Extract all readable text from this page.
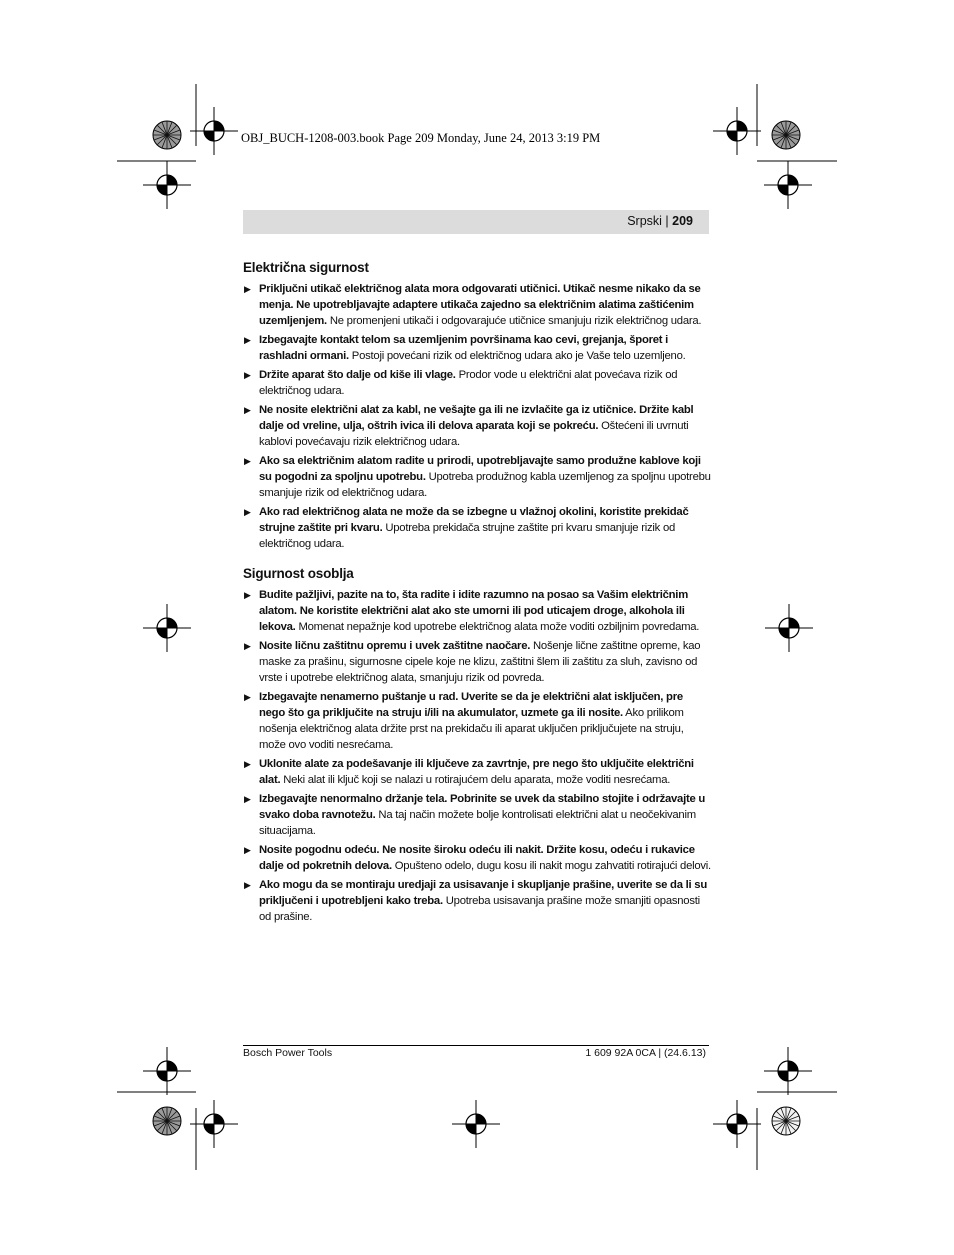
OBJ_BUCH-1208-003.book Page 209 Monday, June 24, 2013 3:19 PM
Srpski | 209
Električna sigurnost
▶ Priključni utikač električnog alata mora odgovarati utičnici. Utikač nesme nikako da se menja. Ne upotrebljavajte adaptere utikača zajedno sa električnim alatima zaštićenim uzemljenjem. Ne promenjeni utikači i odgovarajuće utičnice smanjuju rizik električnog udara.
▶ Izbegavajte kontakt telom sa uzemljenim površinama kao cevi, grejanja, šporet i rashladni ormani. Postoji povećani rizik od električnog udara ako je Vaše telo uzemljeno.
▶ Držite aparat što dalje od kiše ili vlage. Prodor vode u električni alat povećava rizik od električnog udara.
▶ Ne nosite električni alat za kabl, ne vešajte ga ili ne izvlačite ga iz utičnice. Držite kabl dalje od vreline, ulja, oštrih ivica ili delova aparata koji se pokreću. Oštećeni ili uvrnuti kablovi povećavaju rizik električnog udara.
▶ Ako sa električnim alatom radite u prirodi, upotrebljavajte samo produžne kablove koji su pogodni za spoljnu upotrebu. Upotreba produžnog kabla uzemljenog za spoljnu upotrebu smanjuje rizik od električnog udara.
▶ Ako rad električnog alata ne može da se izbegne u vlažnoj okolini, koristite prekidač strujne zaštite pri kvaru. Upotreba prekidača strujne zaštite pri kvaru smanjuje rizik od električnog udara.
Sigurnost osoblja
▶ Budite pažljivi, pazite na to, šta radite i idite razumno na posao sa Vašim električnim alatom. Ne koristite električni alat ako ste umorni ili pod uticajem droge, alkohola ili lekova. Momenat nepažnje kod upotrebe električnog alata može voditi ozbiljnim povredama.
▶ Nosite ličnu zaštitnu opremu i uvek zaštitne naočare. Nošenje lične zaštitne opreme, kao maske za prašinu, sigurnosne cipele koje ne klizu, zaštitni šlem ili zaštitu za sluh, zavisno od vrste i upotrebe električnog alata, smanjuju rizik od povreda.
▶ Izbegavajte nenamerno puštanje u rad. Uverite se da je električni alat isključen, pre nego što ga priključite na struju i/ili na akumulator, uzmete ga ili nosite. Ako prilikom nošenja električnog alata držite prst na prekidaču ili aparat uključen priključujete na struju, može ovo voditi nesrećama.
▶ Uklonite alate za podešavanje ili ključeve za zavrtnje, pre nego što uključite električni alat. Neki alat ili ključ koji se nalazi u rotirajućem delu aparata, može voditi nesrećama.
▶ Izbegavajte nenormalno držanje tela. Pobrinite se uvek da stabilno stojite i održavajte u svako doba ravnotežu. Na taj način možete bolje kontrolisati električni alat u neočekivanim situacijama.
▶ Nosite pogodnu odeću. Ne nosite široku odeću ili nakit. Držite kosu, odeću i rukavice dalje od pokretnih delova. Opušteno odelo, dugu kosu ili nakit mogu zahvatiti rotirajući delovi.
▶ Ako mogu da se montiraju uredjaji za usisavanje i skupljanje prašine, uverite se da li su priključeni i upotrebljeni kako treba. Upotreba usisavanja prašine može smanjiti opasnosti od prašine.
Bosch Power Tools	1 609 92A 0CA | (24.6.13)
